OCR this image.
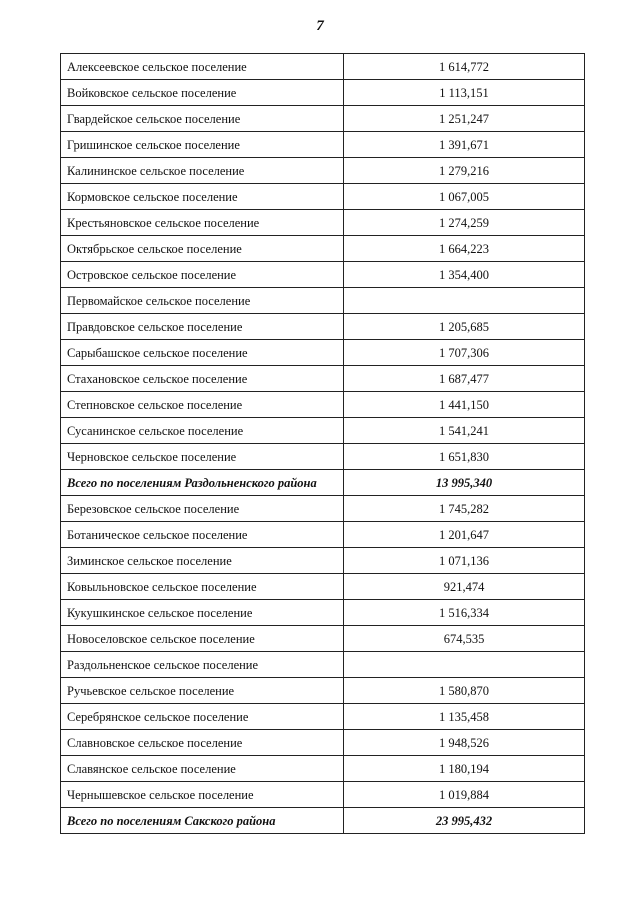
7
Алексеевское сельское поселение	1 614,772
Войковское сельское поселение	1 113,151
Гвардейское сельское поселение	1 251,247
Гришинское сельское поселение	1 391,671
Калининское сельское поселение	1 279,216
Кормовское сельское поселение	1 067,005
Крестьяновское сельское поселение	1 274,259
Октябрьское сельское поселение	1 664,223
Островское сельское поселение	1 354,400
Первомайское сельское поселение	
Правдовское сельское поселение	1 205,685
Сарыбашское сельское поселение	1 707,306
Стахановское сельское поселение	1 687,477
Степновское сельское поселение	1 441,150
Сусанинское сельское поселение	1 541,241
Черновское сельское поселение	1 651,830
Всего по поселениям Раздольненского района	13 995,340
Березовское сельское поселение	1 745,282
Ботаническое сельское поселение	1 201,647
Зиминское сельское поселение	1 071,136
Ковыльновское сельское поселение	921,474
Кукушкинское сельское поселение	1 516,334
Новоселовское сельское поселение	674,535
Раздольненское сельское поселение	
Ручьевское сельское поселение	1 580,870
Серебрянское сельское поселение	1 135,458
Славновское сельское поселение	1 948,526
Славянское сельское поселение	1 180,194
Чернышевское сельское поселение	1 019,884
Всего по поселениям Сакского района	23 995,432
